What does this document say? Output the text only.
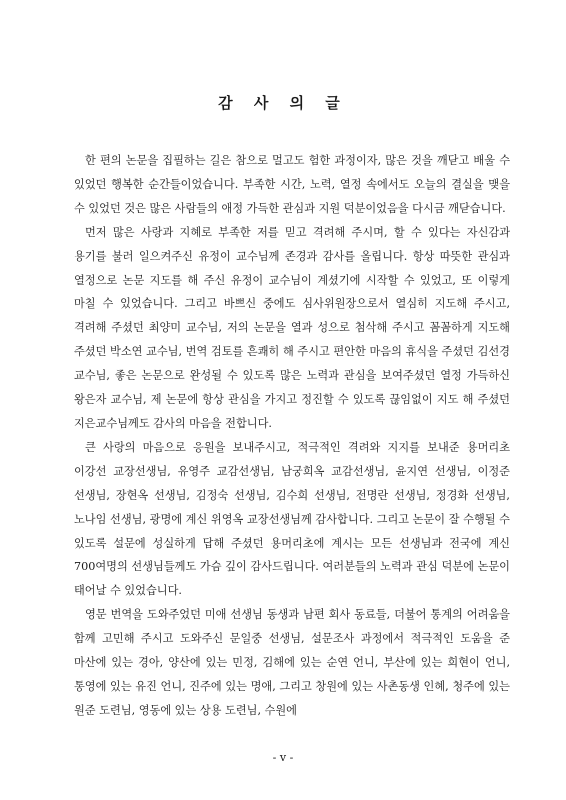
감 사 의 글

한 편의 논문을 집필하는 길은 참으로 멀고도 험한 과정이자, 많은 것을 깨닫고 배울 수 있었던 행복한 순간들이었습니다. 부족한 시간, 노력, 열정 속에서도 오늘의 결실을 맺을 수 있었던 것은 많은 사람들의 애정 가득한 관심과 지원 덕분이었음을 다시금 깨닫습니다.

먼저 많은 사랑과 지혜로 부족한 저를 믿고 격려해 주시며, 할 수 있다는 자신감과 용기를 불러 일으켜주신 유정이 교수님께 존경과 감사를 올립니다. 항상 따뜻한 관심과 열정으로 논문 지도를 해 주신 유정이 교수님이 계셨기에 시작할 수 있었고, 또 이렇게 마칠 수 있었습니다. 그리고 바쁘신 중에도 심사위원장으로서 열심히 지도해 주시고, 격려해 주셨던 최양미 교수님, 저의 논문을 열과 성으로 첨삭해 주시고 꼼꼼하게 지도해 주셨던 박소연 교수님, 번역 검토를 흔쾌히 해 주시고 편안한 마음의 휴식을 주셨던 김선경 교수님, 좋은 논문으로 완성될 수 있도록 많은 노력과 관심을 보여주셨던 열정 가득하신 왕은자 교수님, 제 논문에 항상 관심을 가지고 정진할 수 있도록 끊임없이 지도 해 주셨던 지은교수님께도 감사의 마음을 전합니다.

큰 사랑의 마음으로 응원을 보내주시고, 적극적인 격려와 지지를 보내준 용머리초 이강선 교장선생님, 유영주 교감선생님, 남궁희옥 교감선생님, 윤지연 선생님, 이정준 선생님, 장현옥 선생님, 김정숙 선생님, 김수희 선생님, 전명란 선생님, 정경화 선생님, 노나임 선생님, 광명에 계신 위영옥 교장선생님께 감사합니다. 그리고 논문이 잘 수행될 수 있도록 설문에 성실하게 답해 주셨던 용머리초에 계시는 모든 선생님과 전국에 계신 700여명의 선생님들께도 가슴 깊이 감사드립니다. 여러분들의 노력과 관심 덕분에 논문이 태어날 수 있었습니다.

영문 번역을 도와주었던 미애 선생님 동생과 남편 회사 동료들, 더불어 통계의 어려움을 함께 고민해 주시고 도와주신 문일중 선생님, 설문조사 과정에서 적극적인 도움을 준 마산에 있는 경아, 양산에 있는 민정, 김해에 있는 순연 언니, 부산에 있는 희현이 언니, 통영에 있는 유진 언니, 진주에 있는 명애, 그리고 창원에 있는 사촌동생 인혜, 청주에 있는 원준 도련님, 영동에 있는 상용 도련님, 수원에

- v -
